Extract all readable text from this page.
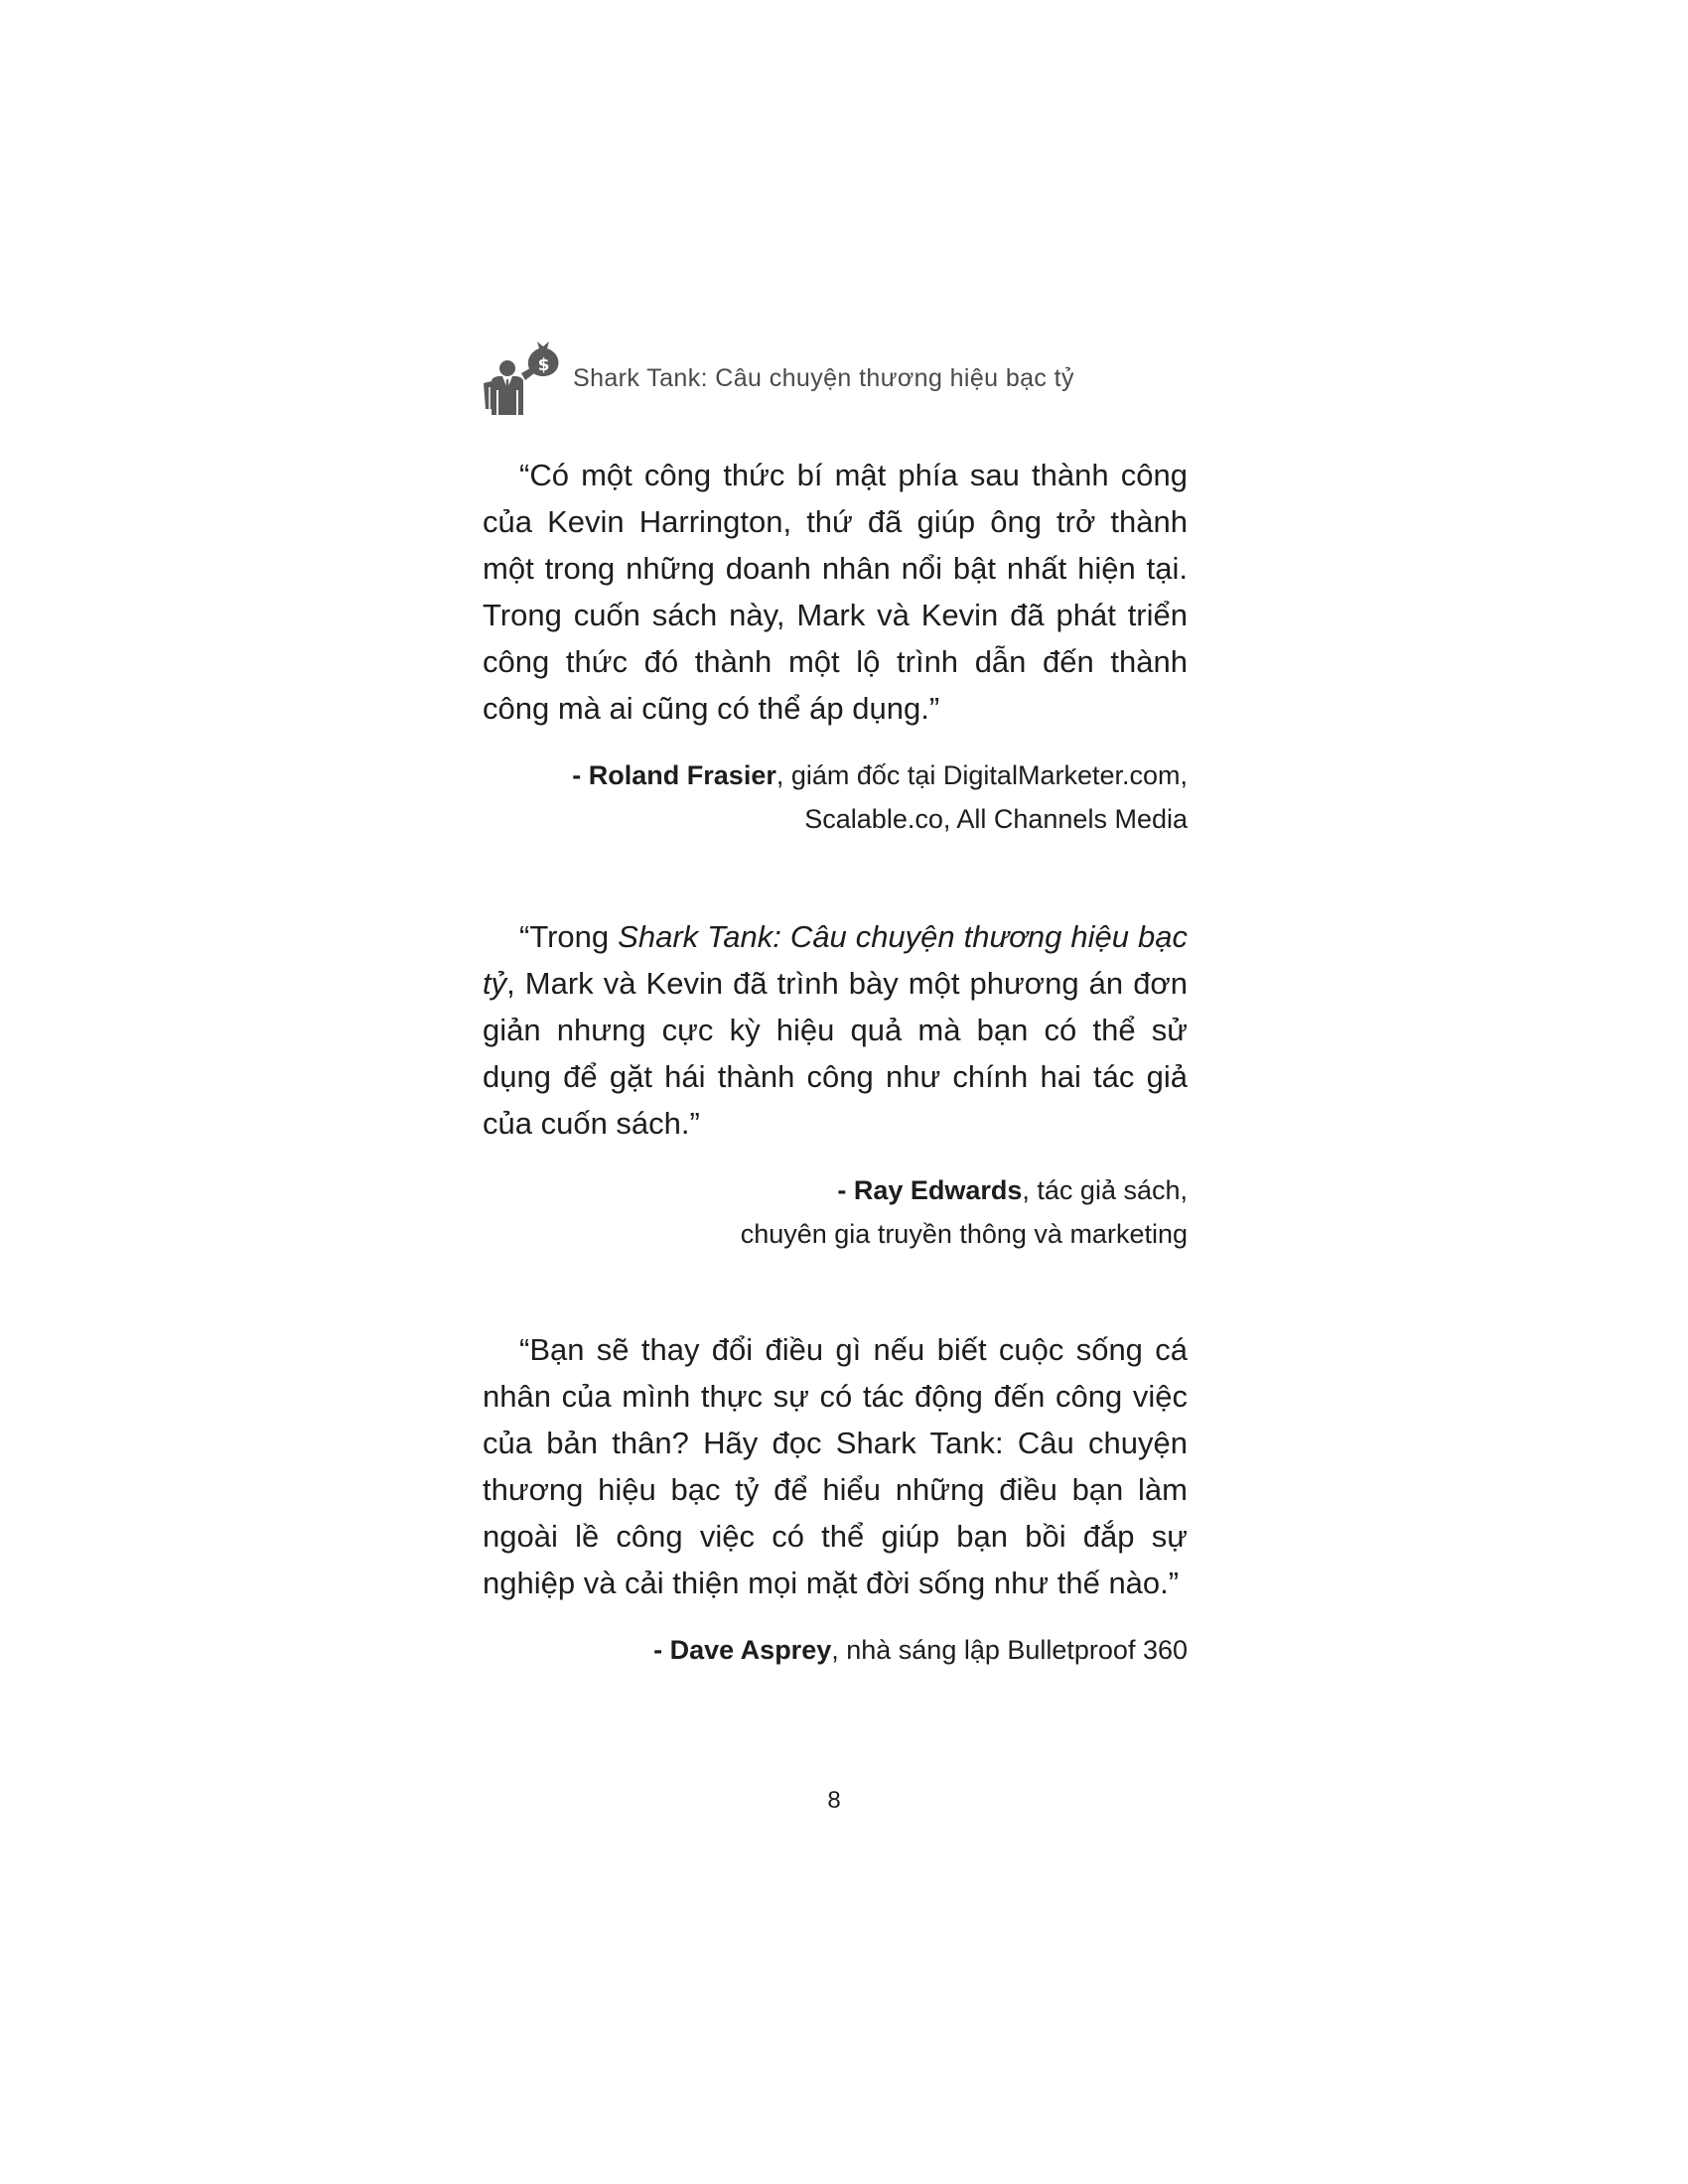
$ Shark Tank: Câu chuyện thương hiệu bạc tỷ

“Có một công thức bí mật phía sau thành công của Kevin Harrington, thứ đã giúp ông trở thành một trong những doanh nhân nổi bật nhất hiện tại. Trong cuốn sách này, Mark và Kevin đã phát triển công thức đó thành một lộ trình dẫn đến thành công mà ai cũng có thể áp dụng.”

- Roland Frasier, giám đốc tại DigitalMarketer.com,
Scalable.co, All Channels Media

“Trong Shark Tank: Câu chuyện thương hiệu bạc tỷ, Mark và Kevin đã trình bày một phương án đơn giản nhưng cực kỳ hiệu quả mà bạn có thể sử dụng để gặt hái thành công như chính hai tác giả của cuốn sách.”

- Ray Edwards, tác giả sách,
chuyên gia truyền thông và marketing

“Bạn sẽ thay đổi điều gì nếu biết cuộc sống cá nhân của mình thực sự có tác động đến công việc của bản thân? Hãy đọc Shark Tank: Câu chuyện thương hiệu bạc tỷ để hiểu những điều bạn làm ngoài lề công việc có thể giúp bạn bồi đắp sự nghiệp và cải thiện mọi mặt đời sống như thế nào.”

- Dave Asprey, nhà sáng lập Bulletproof 360

8
